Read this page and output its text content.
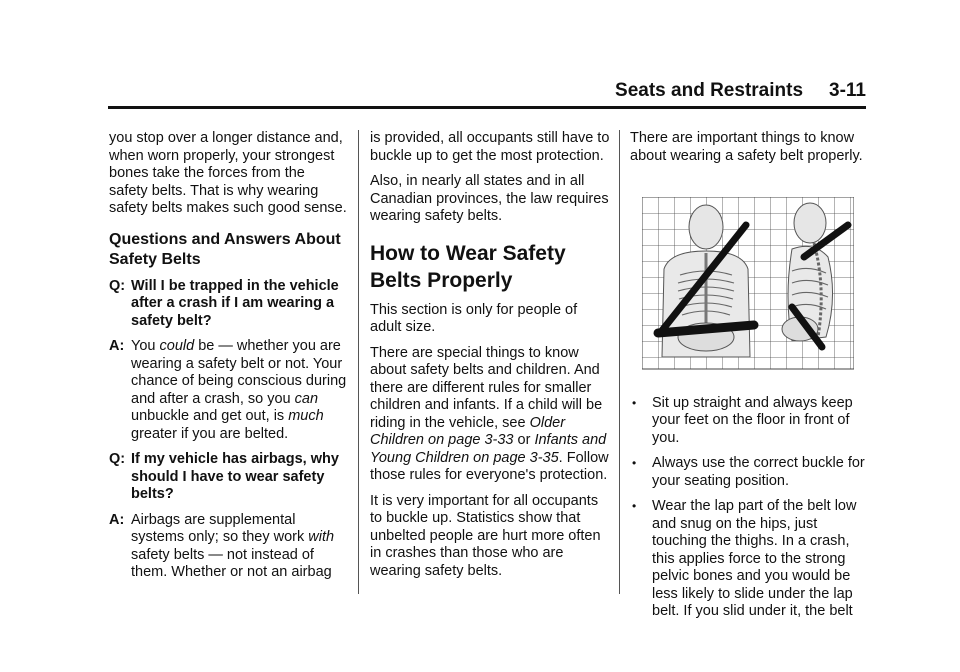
Seats and Restraints 3-11

you stop over a longer distance and, when worn properly, your strongest bones take the forces from the safety belts. That is why wearing safety belts makes such good sense.

Questions and Answers About Safety Belts
Q: Will I be trapped in the vehicle after a crash if I am wearing a safety belt?
A: You could be — whether you are wearing a safety belt or not. Your chance of being conscious during and after a crash, so you can unbuckle and get out, is much greater if you are belted.
Q: If my vehicle has airbags, why should I have to wear safety belts?
A: Airbags are supplemental systems only; so they work with safety belts — not instead of them. Whether or not an airbag

is provided, all occupants still have to buckle up to get the most protection.

Also, in nearly all states and in all Canadian provinces, the law requires wearing safety belts.

How to Wear Safety Belts Properly

This section is only for people of adult size.

There are special things to know about safety belts and children. And there are different rules for smaller children and infants. If a child will be riding in the vehicle, see Older Children on page 3-33 or Infants and Young Children on page 3-35. Follow those rules for everyone's protection.

It is very important for all occupants to buckle up. Statistics show that unbelted people are hurt more often in crashes than those who are wearing safety belts.

There are important things to know about wearing a safety belt properly.

• Sit up straight and always keep your feet on the floor in front of you.
• Always use the correct buckle for your seating position.
• Wear the lap part of the belt low and snug on the hips, just touching the thighs. In a crash, this applies force to the strong pelvic bones and you would be less likely to slide under the lap belt. If you slid under it, the belt
